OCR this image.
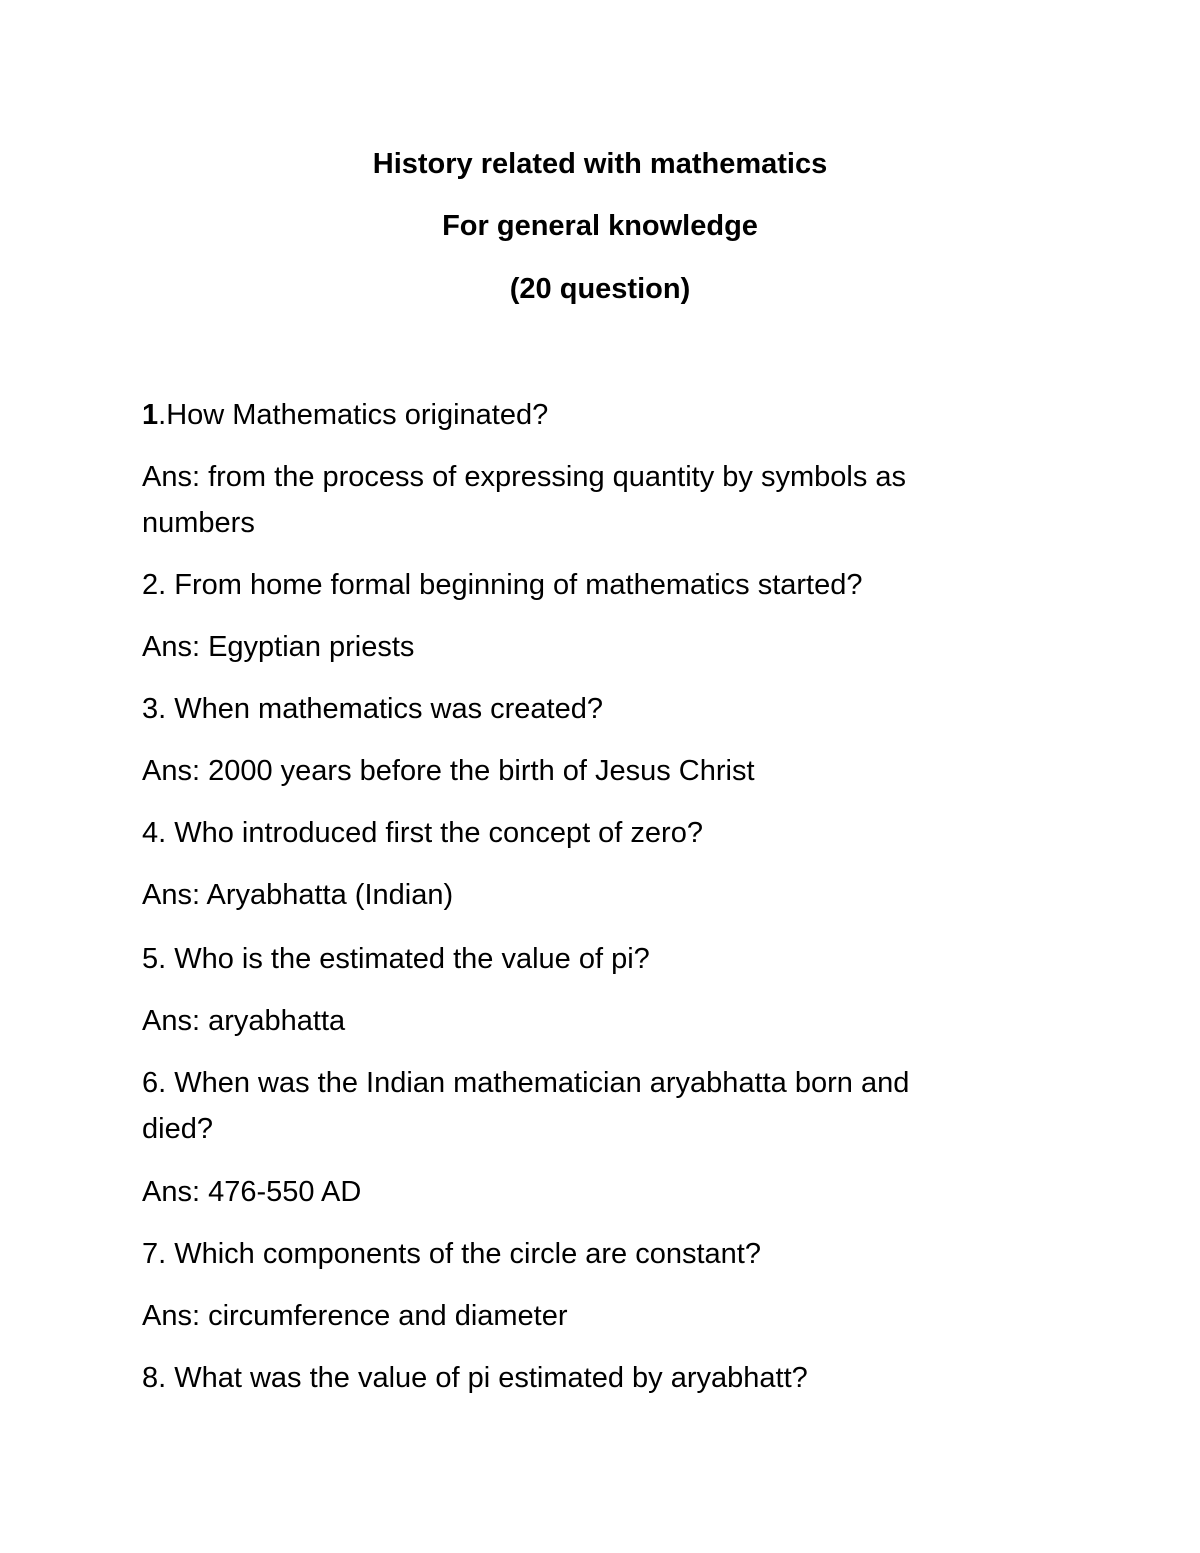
History related with mathematics
For general knowledge
(20 question)
1.How Mathematics originated?
Ans: from the process of expressing quantity by symbols as
numbers
2. From home formal beginning of mathematics started?
Ans: Egyptian priests
3. When mathematics was created?
Ans: 2000 years before the birth of Jesus Christ
4. Who introduced first the concept of zero?
Ans: Aryabhatta (Indian)
5. Who is the estimated the value of pi?
Ans: aryabhatta
6. When was the Indian mathematician aryabhatta born and
died?
Ans: 476-550 AD
7. Which components of the circle are constant?
Ans: circumference and diameter
8. What was the value of pi estimated by aryabhatt?
